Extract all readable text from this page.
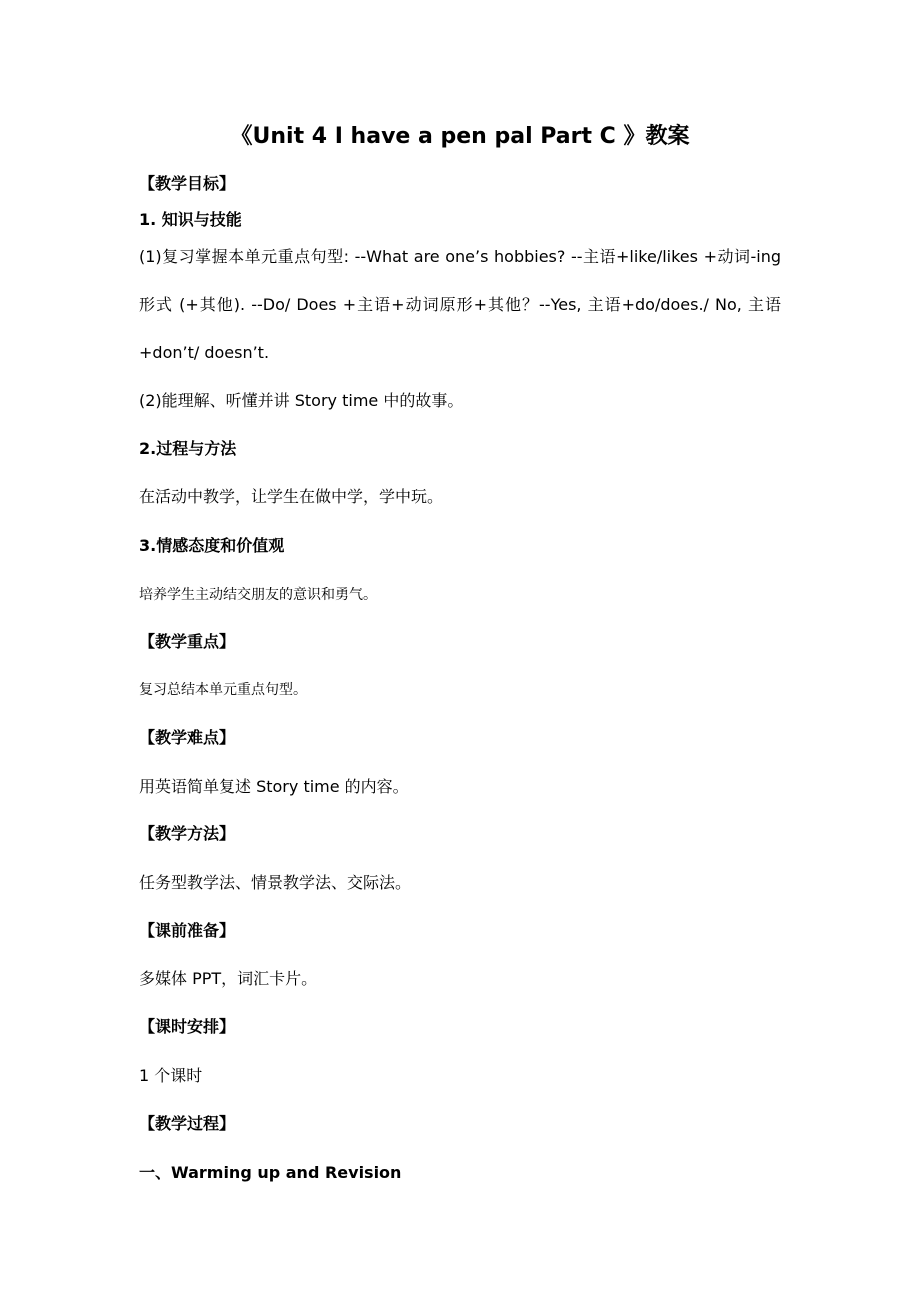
《Unit 4 I have a pen pal Part C 》教案
【教学目标】
1. 知识与技能
(1)复习掌握本单元重点句型: --What are one’s hobbies? --主语+like/likes +动词-ing
形式 (+其他). --Do/ Does +主语+动词原形+其他？--Yes, 主语+do/does./ No, 主语
+don’t/ doesn’t.
(2)能理解、听懂并讲 Story time 中的故事。
2.过程与方法
在活动中教学，让学生在做中学，学中玩。
3.情感态度和价值观
培养学生主动结交朋友的意识和勇气。
【教学重点】
复习总结本单元重点句型。
【教学难点】
用英语简单复述 Story time 的内容。
【教学方法】
任务型教学法、情景教学法、交际法。
【课前准备】
多媒体 PPT，词汇卡片。
【课时安排】
1 个课时
【教学过程】
一、Warming up and Revision
